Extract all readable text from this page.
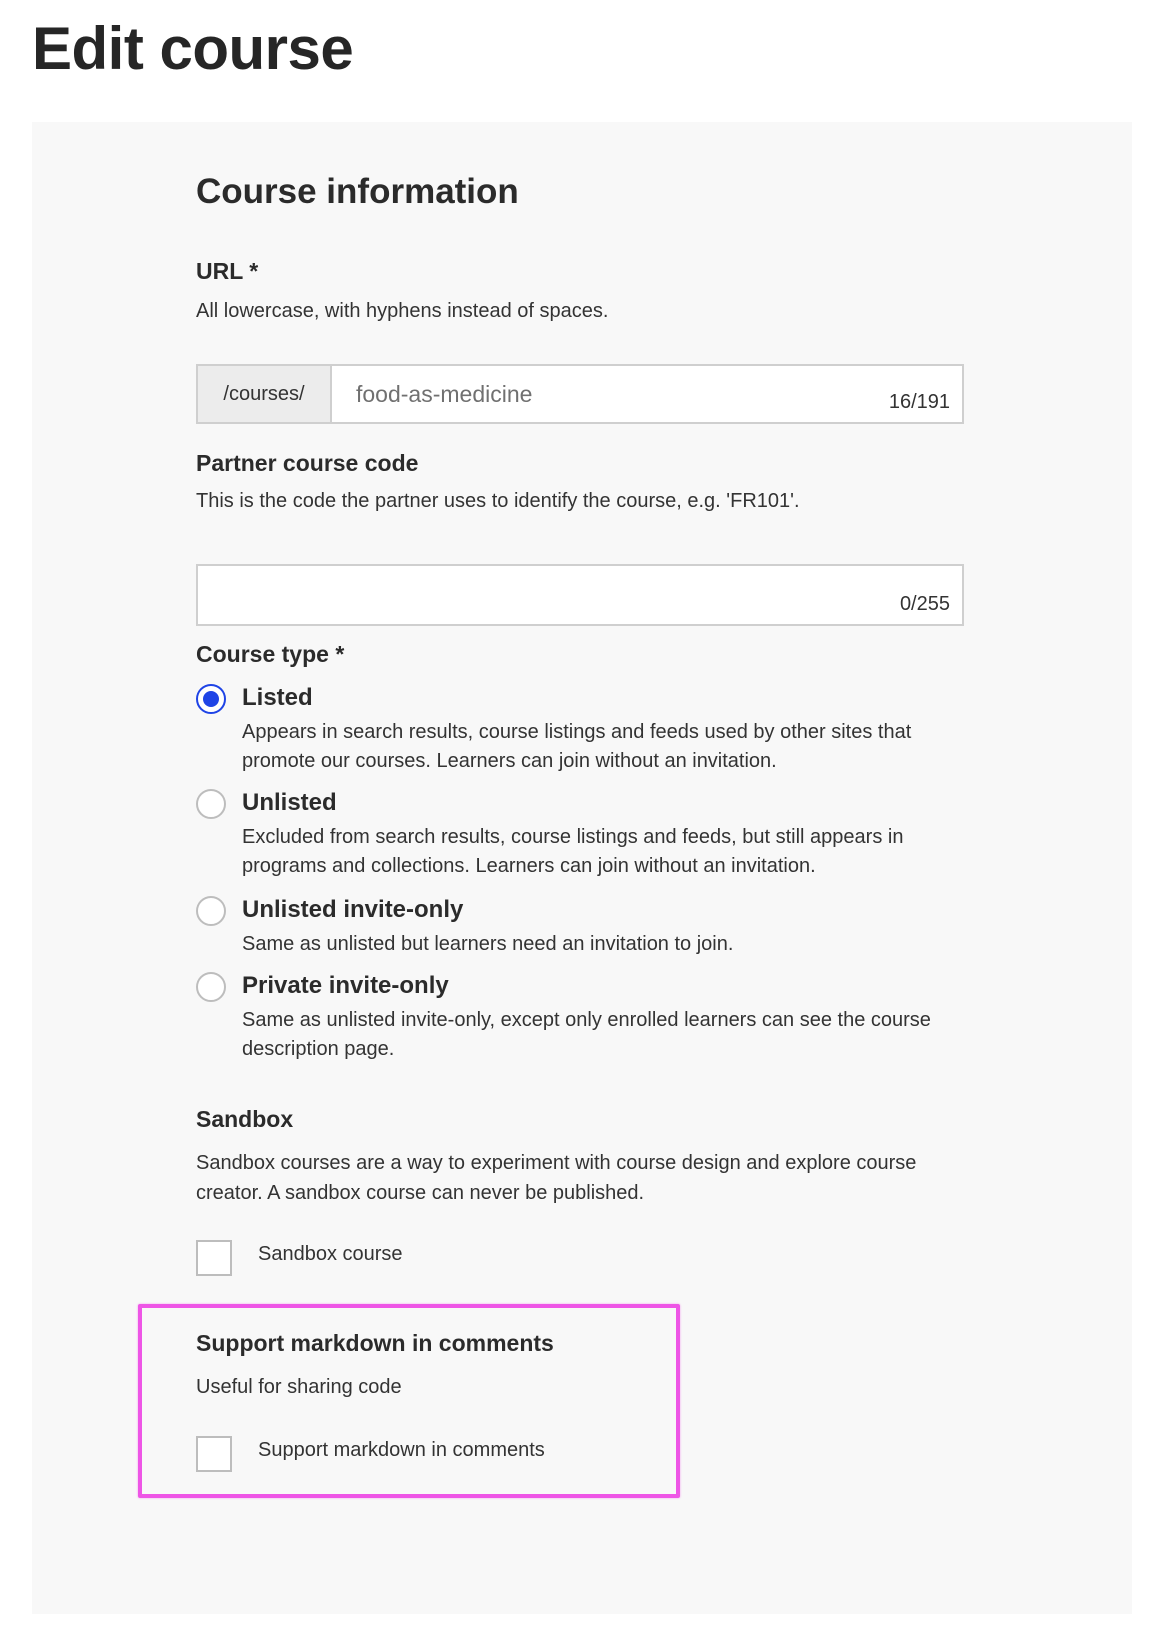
Edit course
Course information

URL *

All lowercase, with hyphens instead of spaces.

/courses/
food-as-medicine	16/191

Partner course code

This is the code the partner uses to identify the course, e.g. 'FR101'.

0/255

Course type *

Listed

Appears in search results, course listings and feeds used by other sites that promote our courses. Learners can join without an invitation.

Unlisted

Excluded from search results, course listings and feeds, but still appears in programs and collections. Learners can join without an invitation.

Unlisted invite-only

Same as unlisted but learners need an invitation to join.

Private invite-only

Same as unlisted invite-only, except only enrolled learners can see the course description page.

Sandbox

Sandbox courses are a way to experiment with course design and explore course creator. A sandbox course can never be published.

Sandbox course

Support markdown in comments

Useful for sharing code

Support markdown in comments
